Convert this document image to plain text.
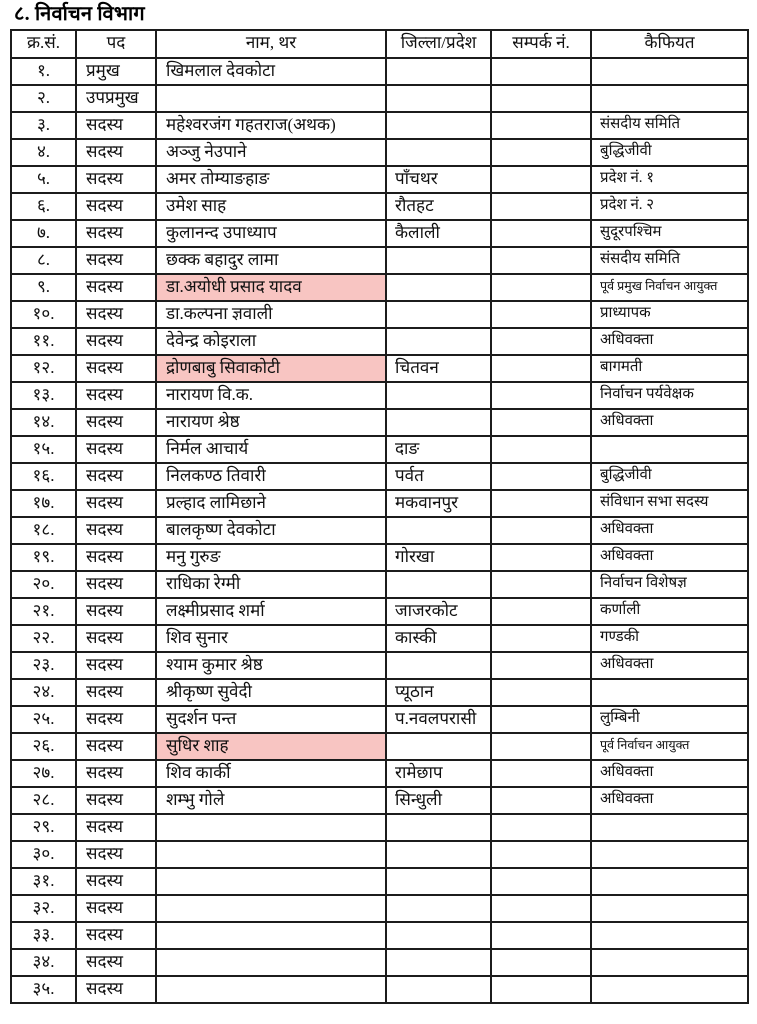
८. निर्वाचन विभाग
क्र.सं.	पद	नाम, थर	जिल्ला/प्रदेश	सम्पर्क नं.	कैफियत
१.	प्रमुख	खिमलाल देवकोटा			
२.	उपप्रमुख				
३.	सदस्य	महेश्वरजंग गहतराज(अथक)			संसदीय समिति
४.	सदस्य	अञ्जु नेउपाने			बुद्धिजीवी
५.	सदस्य	अमर तोम्याङहाङ	पाँचथर		प्रदेश नं. १
६.	सदस्य	उमेश साह	रौतहट		प्रदेश नं. २
७.	सदस्य	कुलानन्द उपाध्याप	कैलाली		सुदूरपश्चिम
८.	सदस्य	छक्क बहादुर लामा			संसदीय समिति
९.	सदस्य	डा.अयोधी प्रसाद यादव			पूर्व प्रमुख निर्वाचन आयुक्त
१०.	सदस्य	डा.कल्पना ज्ञवाली			प्राध्यापक
११.	सदस्य	देवेन्द्र कोइराला			अधिवक्ता
१२.	सदस्य	द्रोणबाबु सिवाकोटी	चितवन		बागमती
१३.	सदस्य	नारायण वि.क.			निर्वाचन पर्यवेक्षक
१४.	सदस्य	नारायण श्रेष्ठ			अधिवक्ता
१५.	सदस्य	निर्मल आचार्य	दाङ		
१६.	सदस्य	निलकण्ठ तिवारी	पर्वत		बुद्धिजीवी
१७.	सदस्य	प्रल्हाद लामिछाने	मकवानपुर		संविधान सभा सदस्य
१८.	सदस्य	बालकृष्ण देवकोटा			अधिवक्ता
१९.	सदस्य	मनु गुरुङ	गोरखा		अधिवक्ता
२०.	सदस्य	राधिका रेग्मी			निर्वाचन विशेषज्ञ
२१.	सदस्य	लक्ष्मीप्रसाद शर्मा	जाजरकोट		कर्णाली
२२.	सदस्य	शिव सुनार	कास्की		गण्डकी
२३.	सदस्य	श्याम कुमार श्रेष्ठ			अधिवक्ता
२४.	सदस्य	श्रीकृष्ण सुवेदी	प्यूठान		
२५.	सदस्य	सुदर्शन पन्त	प.नवलपरासी		लुम्बिनी
२६.	सदस्य	सुधिर शाह			पूर्व निर्वाचन आयुक्त
२७.	सदस्य	शिव कार्की	रामेछाप		अधिवक्ता
२८.	सदस्य	शम्भु गोले	सिन्धुली		अधिवक्ता
२९.	सदस्य				
३०.	सदस्य				
३१.	सदस्य				
३२.	सदस्य				
३३.	सदस्य				
३४.	सदस्य				
३५.	सदस्य				
